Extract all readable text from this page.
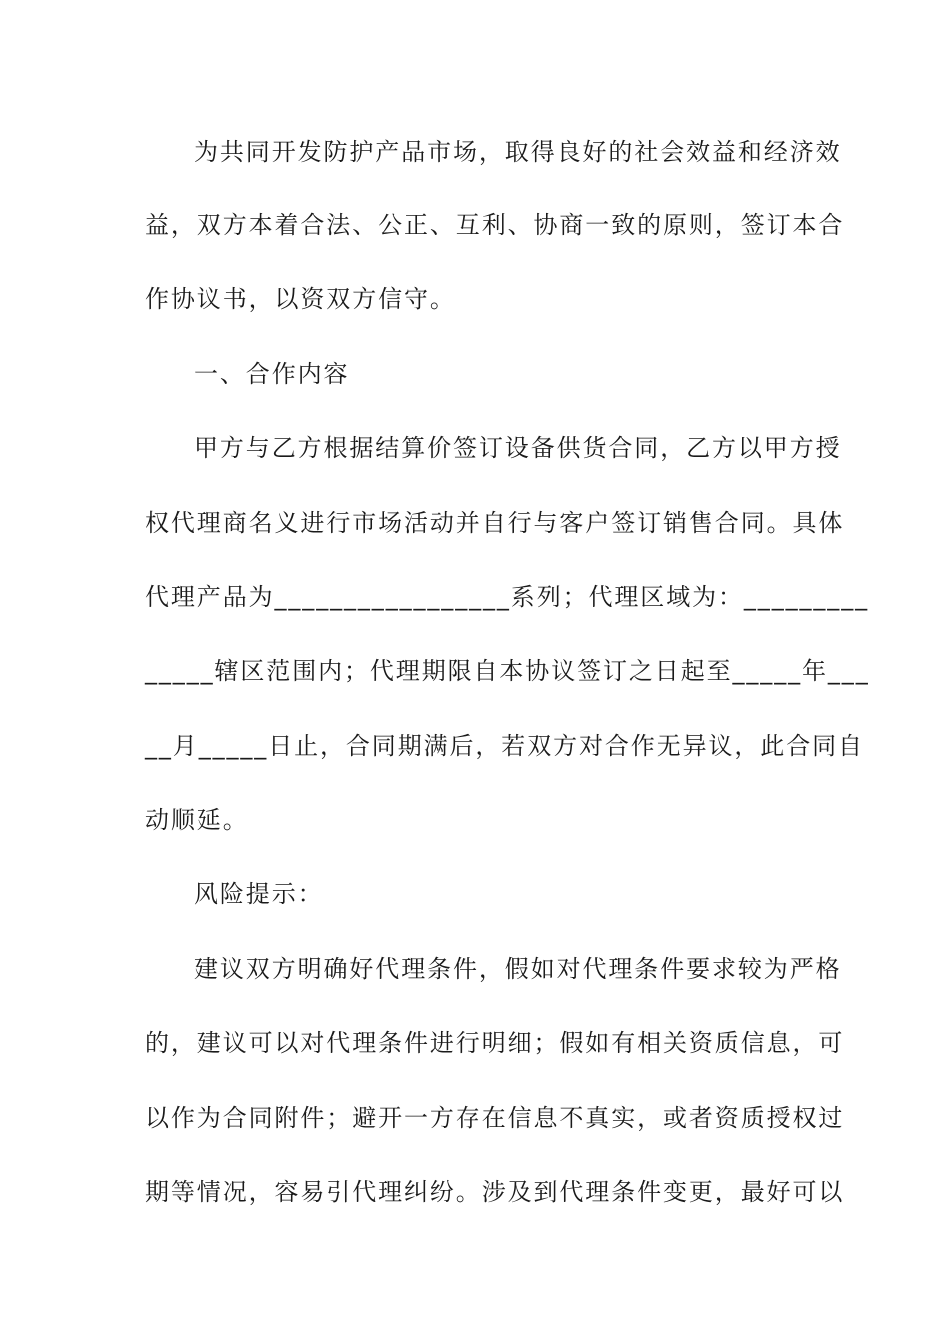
为共同开发防护产品市场，取得良好的社会效益和经济效
益，双方本着合法、公正、互利、协商一致的原则，签订本合
作协议书，以资双方信守。
一、合作内容
甲方与乙方根据结算价签订设备供货合同，乙方以甲方授
权代理商名义进行市场活动并自行与客户签订销售合同。具体
代理产品为_________________系列；代理区域为：_________
_____辖区范围内；代理期限自本协议签订之日起至_____年___
__月_____日止，合同期满后，若双方对合作无异议，此合同自
动顺延。
风险提示：
建议双方明确好代理条件，假如对代理条件要求较为严格
的，建议可以对代理条件进行明细；假如有相关资质信息，可
以作为合同附件；避开一方存在信息不真实，或者资质授权过
期等情况，容易引代理纠纷。涉及到代理条件变更，最好可以
